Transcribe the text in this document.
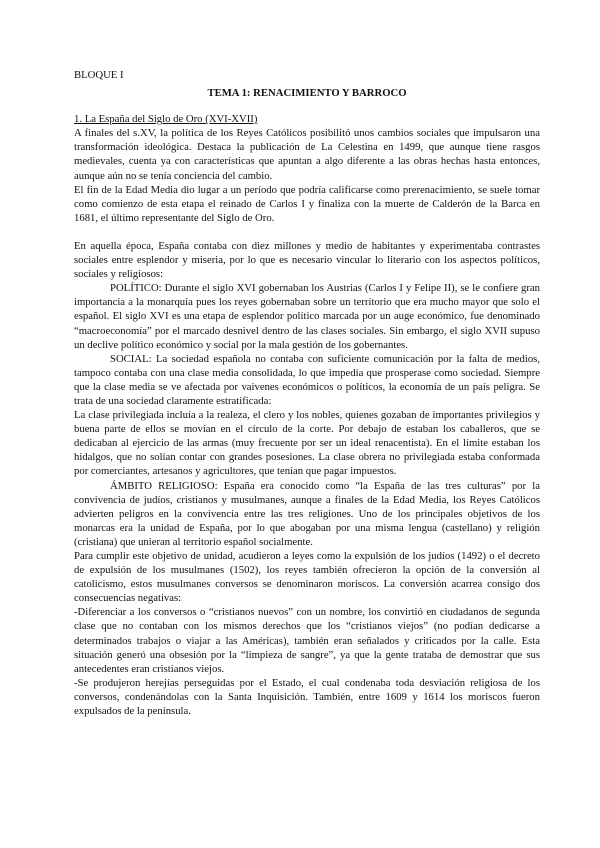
BLOQUE I

TEMA 1: RENACIMIENTO Y BARROCO

1. La España del Siglo de Oro (XVI-XVII)

A finales del s.XV, la política de los Reyes Católicos posibilitó unos cambios sociales que impulsaron una transformación ideológica. Destaca la publicación de La Celestina en 1499, que aunque tiene rasgos medievales, cuenta ya con características que apuntan a algo diferente a las obras hechas hasta entonces, aunque aún no se tenía conciencia del cambio.

El fin de la Edad Media dio lugar a un período que podría calificarse como prerenacimiento, se suele tomar como comienzo de esta etapa el reinado de Carlos I y finaliza con la muerte de Calderón de la Barca en 1681, el último representante del Siglo de Oro.

En aquella época, España contaba con diez millones y medio de habitantes y experimentaba contrastes sociales entre esplendor y miseria, por lo que es necesario vincular lo literario con los aspectos políticos, sociales y religiosos:

POLÍTICO: Durante el siglo XVI gobernaban los Austrias (Carlos I y Felipe II), se le confiere gran importancia a la monarquía pues los reyes gobernaban sobre un territorio que era mucho mayor que solo el español. El siglo XVI es una etapa de esplendor político marcada por un auge económico, fue denominado “macroeconomía” por el marcado desnivel dentro de las clases sociales. Sin embargo, el siglo XVII supuso un declive político económico y social por la mala gestión de los gobernantes.

SOCIAL: La sociedad española no contaba con suficiente comunicación por la falta de medios, tampoco contaba con una clase media consolidada, lo que impedía que prosperase como sociedad. Siempre que la clase media se ve afectada por vaivenes económicos o políticos, la economía de un país peligra. Se trata de una sociedad claramente estratificada:

La clase privilegiada incluía a la realeza, el clero y los nobles, quienes gozaban de importantes privilegios y buena parte de ellos se movían en el círculo de la corte. Por debajo de estaban los caballeros, que se dedicaban al ejercicio de las armas (muy frecuente por ser un ideal renacentista). En el límite estaban los hidalgos, que no solían contar con grandes posesiones. La clase obrera no privilegiada estaba conformada por comerciantes, artesanos y agricultores, que tenían que pagar impuestos.

ÁMBITO RELIGIOSO: España era conocido como “la España de las tres culturas” por la convivencia de judíos, cristianos y musulmanes, aunque a finales de la Edad Media, los Reyes Católicos advierten peligros en la convivencia entre las tres religiones. Uno de los principales objetivos de los monarcas era la unidad de España, por lo que abogaban por una misma lengua (castellano) y religión (cristiana) que unieran al territorio español socialmente.

Para cumplir este objetivo de unidad, acudieron a leyes como la expulsión de los judíos (1492) o el decreto de expulsión de los musulmanes (1502), los reyes también ofrecieron la opción de la conversión al catolicismo, estos musulmanes conversos se denominaron moriscos. La conversión acarrea consigo dos consecuencias negativas:

-Diferenciar a los conversos o “cristianos nuevos” con un nombre, los convirtió en ciudadanos de segunda clase que no contaban con los mismos derechos que los “cristianos viejos” (no podían dedicarse a determinados trabajos o viajar a las Américas), también eran señalados y criticados por la calle. Esta situación generó una obsesión por la “limpieza de sangre”, ya que la gente trataba de demostrar que sus antecedentes eran cristianos viejos.

-Se produjeron herejías perseguidas por el Estado, el cual condenaba toda desviación religiosa de los conversos, condenándolas con la Santa Inquisición. También, entre 1609 y 1614 los moriscos fueron expulsados de la península.
